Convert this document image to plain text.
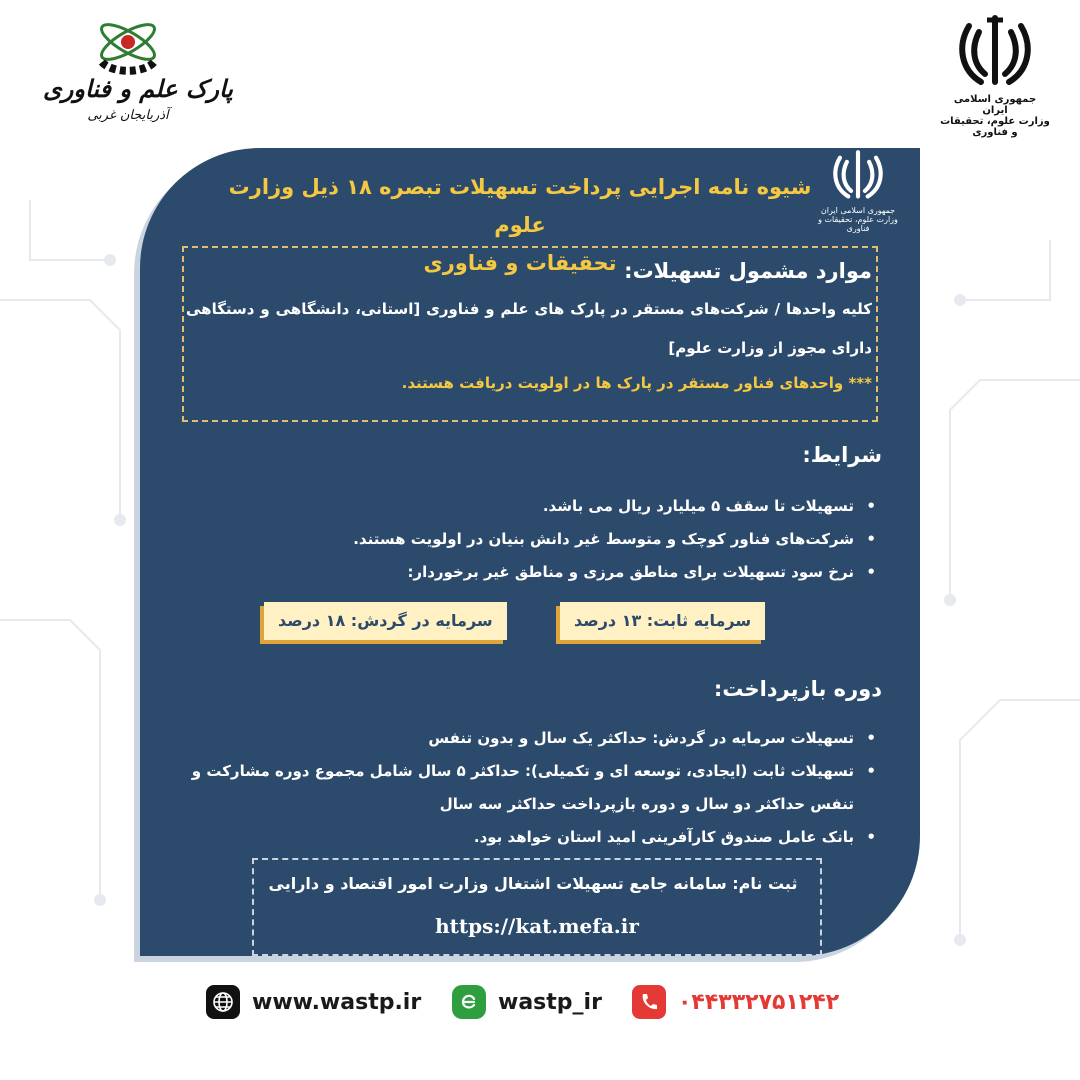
جمهوری اسلامی ایران
وزارت علوم، تحقیقات و فناوری
پارک علم و فناوری
آذربایجان غربی
جمهوری اسلامی ایران
وزارت علوم، تحقیقات و فناوری
شیوه نامه اجرایی پرداخت تسهیلات تبصره ۱۸ ذیل وزارت علوم
تحقیقات و فناوری موارد مشمول تسهیلات:
کلیه واحدها / شرکت‌های مستقر در پارک های علم و فناوری [استانی، دانشگاهی و دستگاهی دارای مجوز از وزارت علوم]
*** واحدهای فناور مستقر در پارک ها در اولویت دریافت هستند.
شرایط:
• تسهیلات تا سقف ۵ میلیارد ریال می باشد.
• شرکت‌های فناور کوچک و متوسط غیر دانش بنیان در اولویت هستند.
• نرخ سود تسهیلات برای مناطق مرزی و مناطق غیر برخوردار:
سرمایه ثابت: ۱۳ درصد
سرمایه در گردش: ۱۸ درصد
دوره بازپرداخت:
• تسهیلات سرمایه در گردش: حداکثر یک سال و بدون تنفس
• تسهیلات ثابت (ایجادی، توسعه ای و تکمیلی): حداکثر ۵ سال شامل مجموع دوره مشارکت و تنفس حداکثر دو سال و دوره بازپرداخت حداکثر سه سال
• بانک عامل صندوق کارآفرینی امید استان خواهد بود.
ثبت نام: سامانه جامع تسهیلات اشتغال وزارت امور اقتصاد و دارایی
https://kat.mefa.ir
www.wastp.ir	wastp_ir	۰۴۴۳۳۲۷۵۱۲۴۲
